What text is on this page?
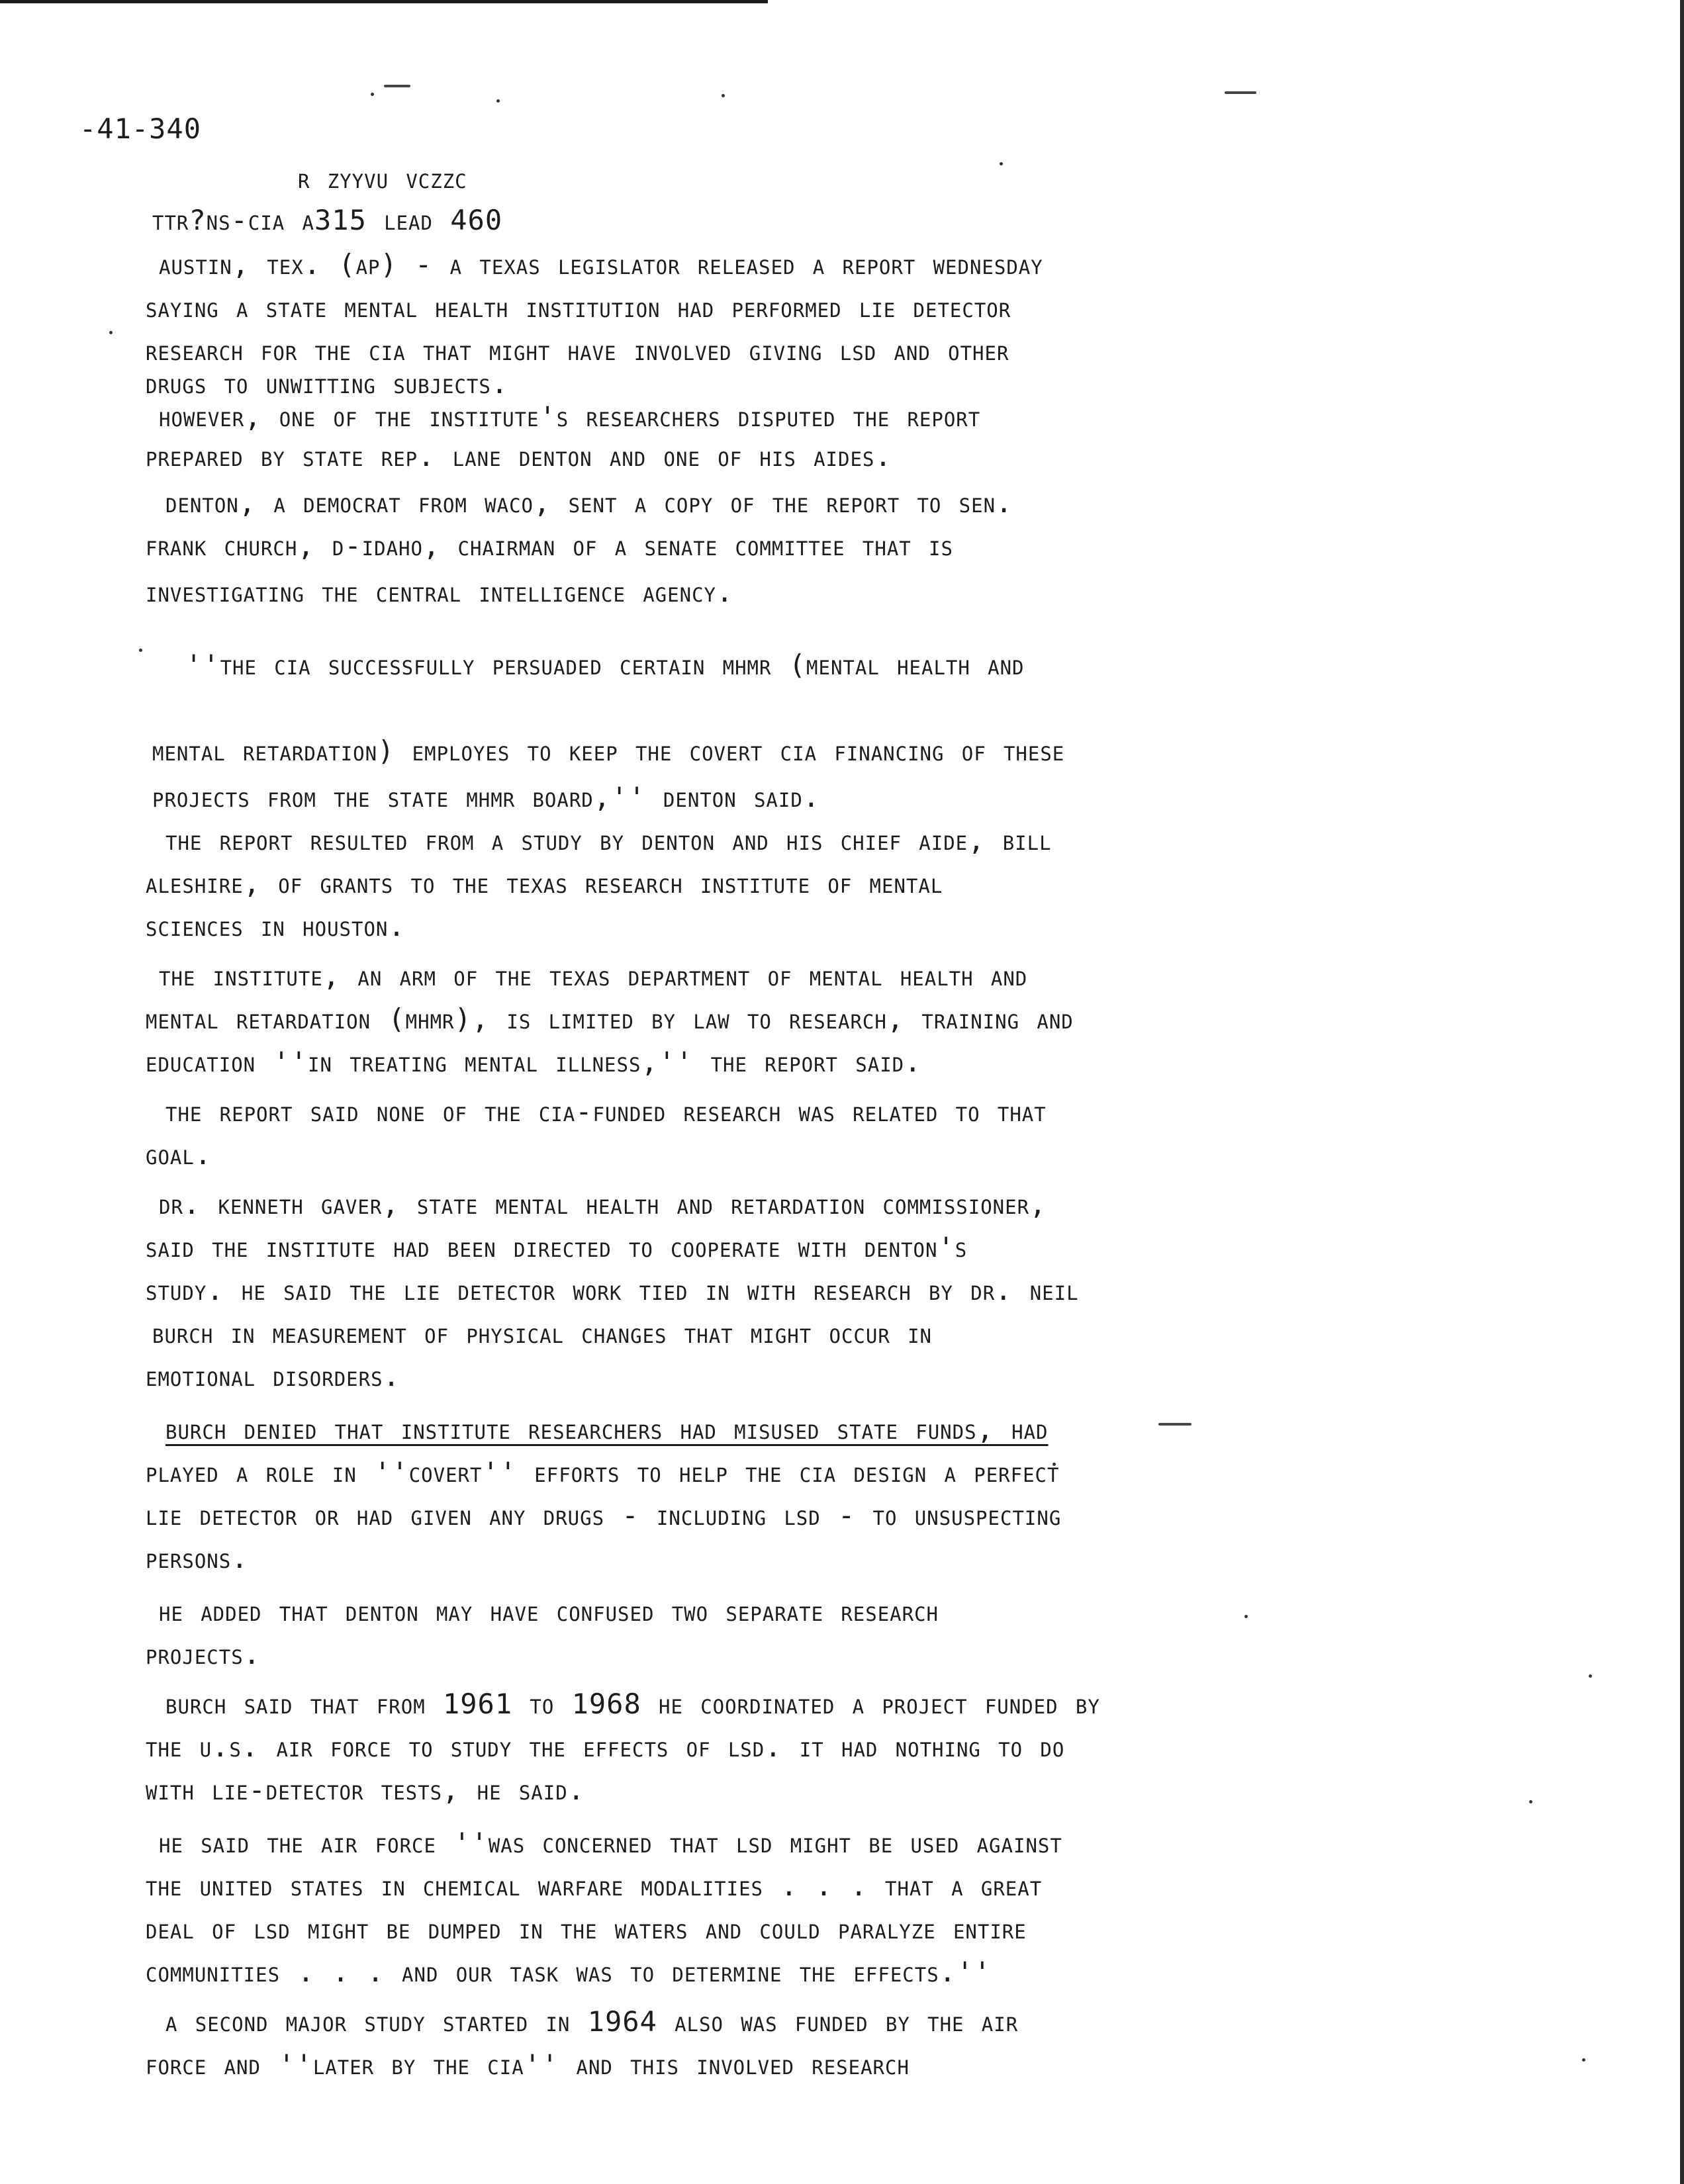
-41-340
r zyyvu vczzc
ttr?ns-cia a315 lead 460
austin, tex. (ap) - a texas legislator released a report wednesday
saying a state mental health institution had performed lie detector
research for the cia that might have involved giving lsd and other
drugs to unwitting subjects.
however, one of the institute's researchers disputed the report
prepared by state rep. lane denton and one of his aides.
denton, a democrat from waco, sent a copy of the report to sen.
frank church, d-idaho, chairman of a senate committee that is
investigating the central intelligence agency.
''the cia successfully persuaded certain mhmr (mental health and
mental retardation) employes to keep the covert cia financing of these
projects from the state mhmr board,'' denton said.
the report resulted from a study by denton and his chief aide, bill
aleshire, of grants to the texas research institute of mental
sciences in houston.
the institute, an arm of the texas department of mental health and
mental retardation (mhmr), is limited by law to research, training and
education ''in treating mental illness,'' the report said.
the report said none of the cia-funded research was related to that
goal.
dr. kenneth gaver, state mental health and retardation commissioner,
said the institute had been directed to cooperate with denton's
study. he said the lie detector work tied in with research by dr. neil
burch in measurement of physical changes that might occur in
emotional disorders.
burch denied that institute researchers had misused state funds, had
played a role in ''covert'' efforts to help the cia design a perfect
lie detector or had given any drugs - including lsd - to unsuspecting
persons.
he added that denton may have confused two separate research
projects.
burch said that from 1961 to 1968 he coordinated a project funded by
the u.s. air force to study the effects of lsd. it had nothing to do
with lie-detector tests, he said.
he said the air force ''was concerned that lsd might be used against
the united states in chemical warfare modalities . . . that a great
deal of lsd might be dumped in the waters and could paralyze entire
communities . . . and our task was to determine the effects.''
a second major study started in 1964 also was funded by the air
force and ''later by the cia'' and this involved research
